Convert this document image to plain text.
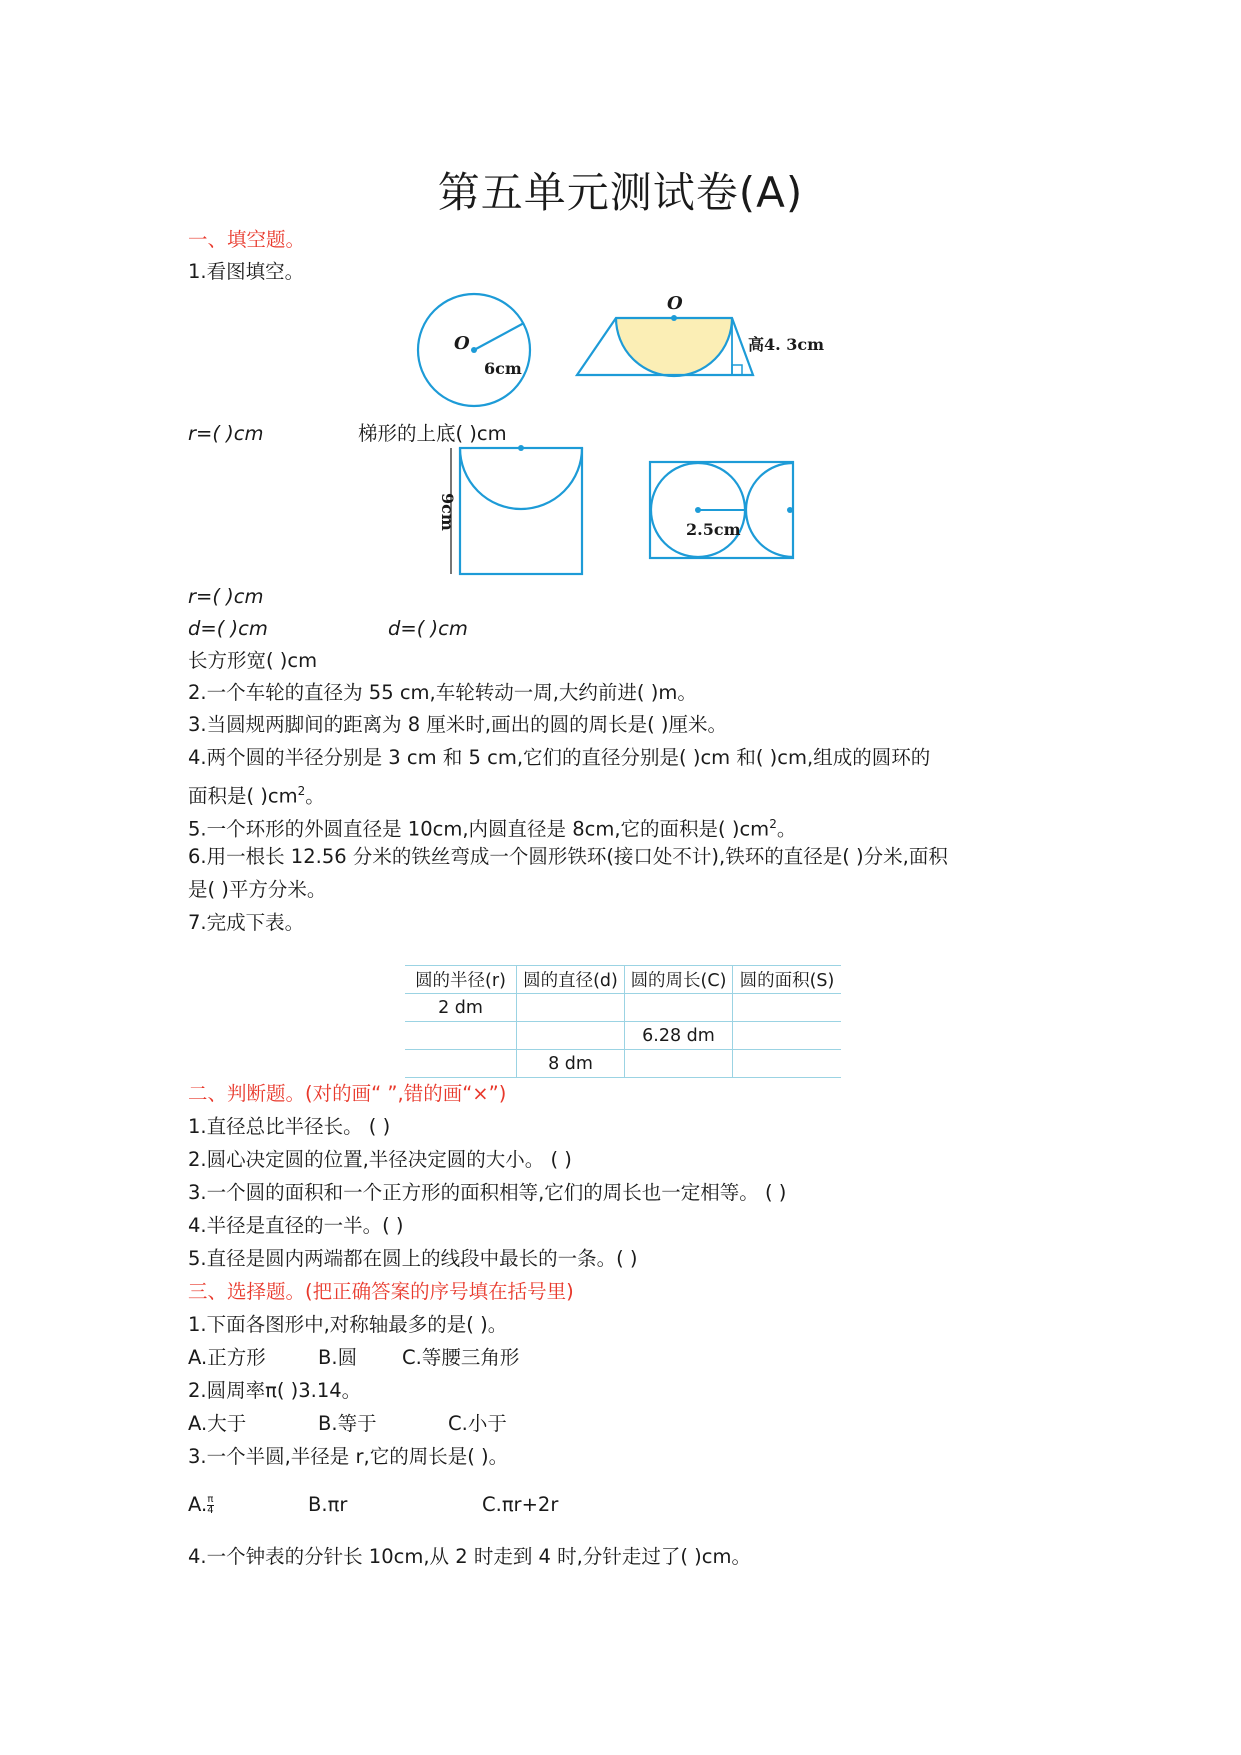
第五单元测试卷(A)
一、填空题。
1.看图填空。
O
6cm
O
高4. 3cm
r=( )cm	梯形的上底( )cm
9cm	2.5cm
r=( )cm
d=( )cm	d=( )cm
长方形宽( )cm
2.一个车轮的直径为 55 cm,车轮转动一周,大约前进( )m。
3.当圆规两脚间的距离为 8 厘米时,画出的圆的周长是( )厘米。
4.两个圆的半径分别是 3 cm 和 5 cm,它们的直径分别是( )cm 和( )cm,组成的圆环的
面积是( )$cm^2$。
5.一个环形的外圆直径是 10cm,内圆直径是 8cm,它的面积是( )$cm^2$。
6.用一根长 12.56 分米的铁丝弯成一个圆形铁环(接口处不计),铁环的直径是( )分米,面积
是( )平方分米。
7.完成下表。
圆的半径(r)	圆的直径(d)	圆的周长(C)	圆的面积(S)
2 dm			
		6.28 dm	
	8 dm		
二、判断题。(对的画“ ”,错的画“×”)
1.直径总比半径长。 ( )
2.圆心决定圆的位置,半径决定圆的大小。 ( )
3.一个圆的面积和一个正方形的面积相等,它们的周长也一定相等。 ( )
4.半径是直径的一半。( )
5.直径是圆内两端都在圆上的线段中最长的一条。( )
三、选择题。(把正确答案的序号填在括号里)
1.下面各图形中,对称轴最多的是( )。
A.正方形	B.圆 C.等腰三角形
2.圆周率π( )3.14。
A.大于	B.等于	C.小于
3.一个半圆,半径是 r,它的周长是( )。
A. $\frac{\pi}{4}$	B.πr	C.πr+2r
4.一个钟表的分针长 10cm,从 2 时走到 4 时,分针走过了( )cm。
